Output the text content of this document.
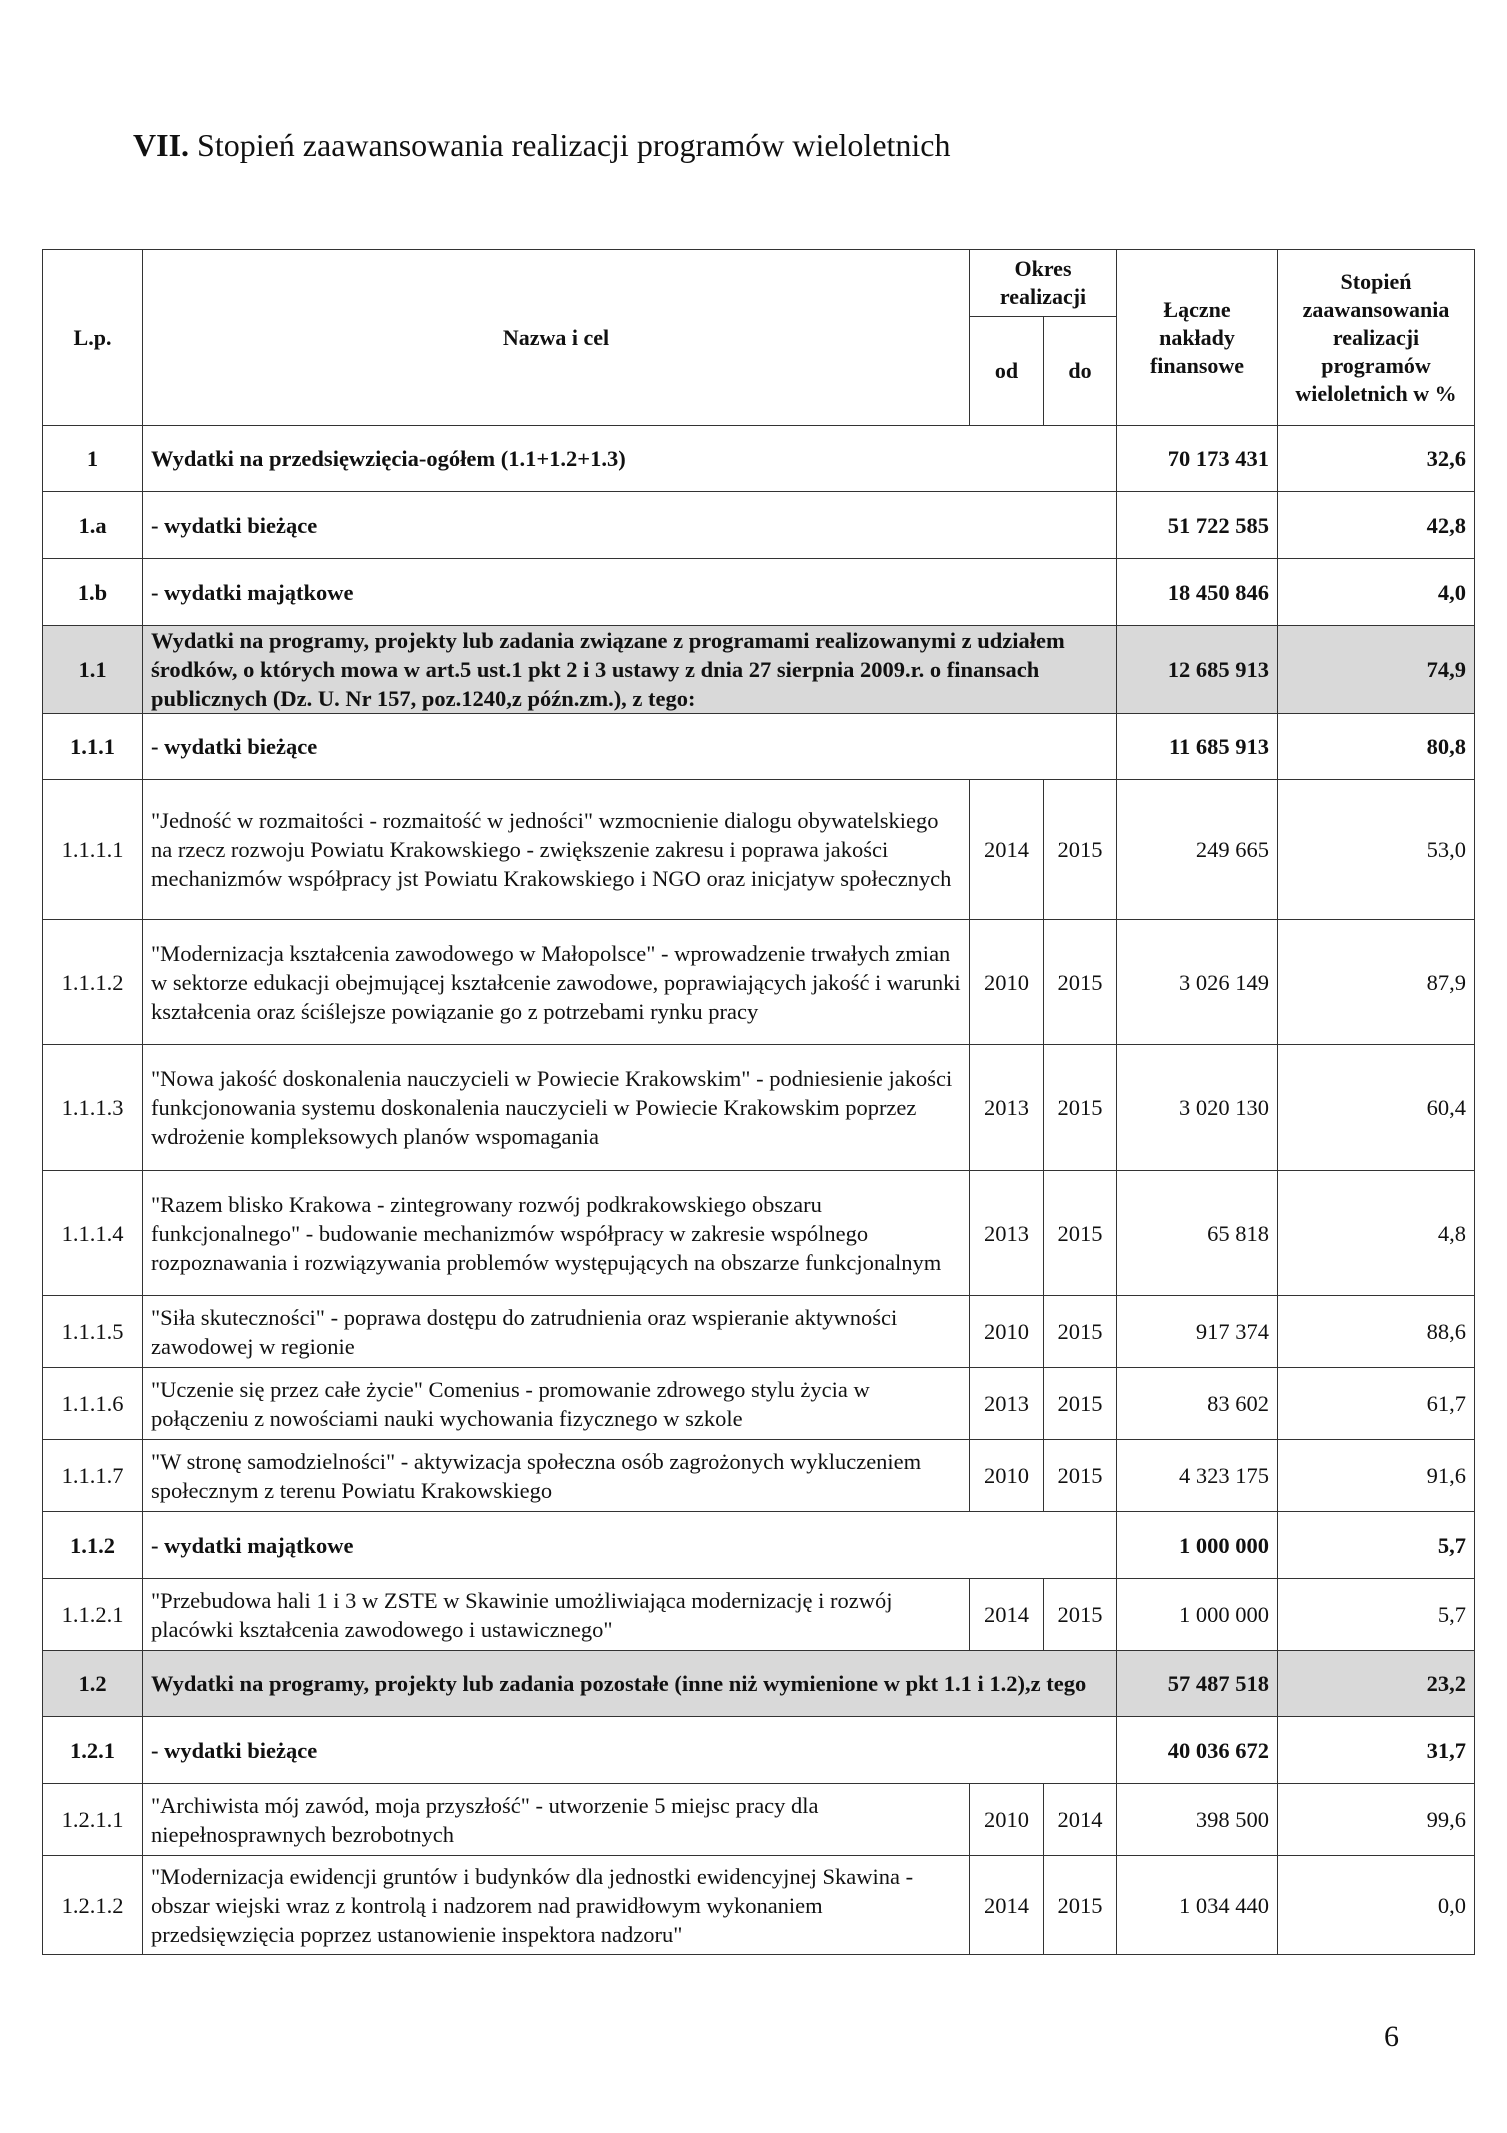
VII. Stopień zaawansowania realizacji programów wieloletnich
L.p.	Nazwa i cel	Okres realizacji		Łączne nakłady finansowe	Stopień zaawansowania realizacji programów wieloletnich w %
		od	do		
1	Wydatki na przedsięwzięcia-ogółem (1.1+1.2+1.3)			70 173 431	32,6
1.a	- wydatki bieżące			51 722 585	42,8
1.b	- wydatki majątkowe			18 450 846	4,0
1.1	Wydatki na programy, projekty lub zadania związane z programami realizowanymi z udziałem środków, o których mowa w art.5 ust.1 pkt 2 i 3 ustawy z dnia 27 sierpnia 2009.r. o finansach publicznych (Dz. U. Nr 157, poz.1240,z późn.zm.), z tego:			12 685 913	74,9
1.1.1	- wydatki bieżące			11 685 913	80,8
1.1.1.1	"Jedność w rozmaitości - rozmaitość w jedności" wzmocnienie dialogu obywatelskiego na rzecz rozwoju Powiatu Krakowskiego - zwiększenie zakresu i poprawa jakości mechanizmów współpracy jst Powiatu Krakowskiego i NGO oraz inicjatyw społecznych	2014	2015	249 665	53,0
1.1.1.2	"Modernizacja kształcenia zawodowego w Małopolsce" - wprowadzenie trwałych zmian w sektorze edukacji obejmującej kształcenie zawodowe, poprawiających jakość i warunki kształcenia oraz ściślejsze powiązanie go z potrzebami rynku pracy	2010	2015	3 026 149	87,9
1.1.1.3	"Nowa jakość doskonalenia nauczycieli w Powiecie Krakowskim" - podniesienie jakości funkcjonowania systemu doskonalenia nauczycieli w Powiecie Krakowskim poprzez wdrożenie kompleksowych planów wspomagania	2013	2015	3 020 130	60,4
1.1.1.4	"Razem blisko Krakowa - zintegrowany rozwój podkrakowskiego obszaru funkcjonalnego" - budowanie mechanizmów współpracy w zakresie wspólnego rozpoznawania i rozwiązywania problemów występujących na obszarze funkcjonalnym	2013	2015	65 818	4,8
1.1.1.5	"Siła skuteczności" - poprawa dostępu do zatrudnienia oraz wspieranie aktywności zawodowej w regionie	2010	2015	917 374	88,6
1.1.1.6	"Uczenie się przez całe życie" Comenius - promowanie zdrowego stylu życia w połączeniu z nowościami nauki wychowania fizycznego w szkole	2013	2015	83 602	61,7
1.1.1.7	"W stronę samodzielności" - aktywizacja społeczna osób zagrożonych wykluczeniem społecznym z terenu Powiatu Krakowskiego	2010	2015	4 323 175	91,6
1.1.2	- wydatki majątkowe			1 000 000	5,7
1.1.2.1	"Przebudowa hali 1 i 3 w ZSTE w Skawinie umożliwiająca modernizację i rozwój placówki kształcenia zawodowego i ustawicznego"	2014	2015	1 000 000	5,7
1.2	Wydatki na programy, projekty lub zadania pozostałe (inne niż wymienione w pkt 1.1 i 1.2),z tego			57 487 518	23,2
1.2.1	- wydatki bieżące			40 036 672	31,7
1.2.1.1	"Archiwista mój zawód, moja przyszłość" - utworzenie 5 miejsc pracy dla niepełnosprawnych bezrobotnych	2010	2014	398 500	99,6
1.2.1.2	"Modernizacja ewidencji gruntów i budynków dla jednostki ewidencyjnej Skawina - obszar wiejski wraz z kontrolą i nadzorem nad prawidłowym wykonaniem przedsięwzięcia poprzez ustanowienie inspektora nadzoru"	2014	2015	1 034 440	0,0
6
